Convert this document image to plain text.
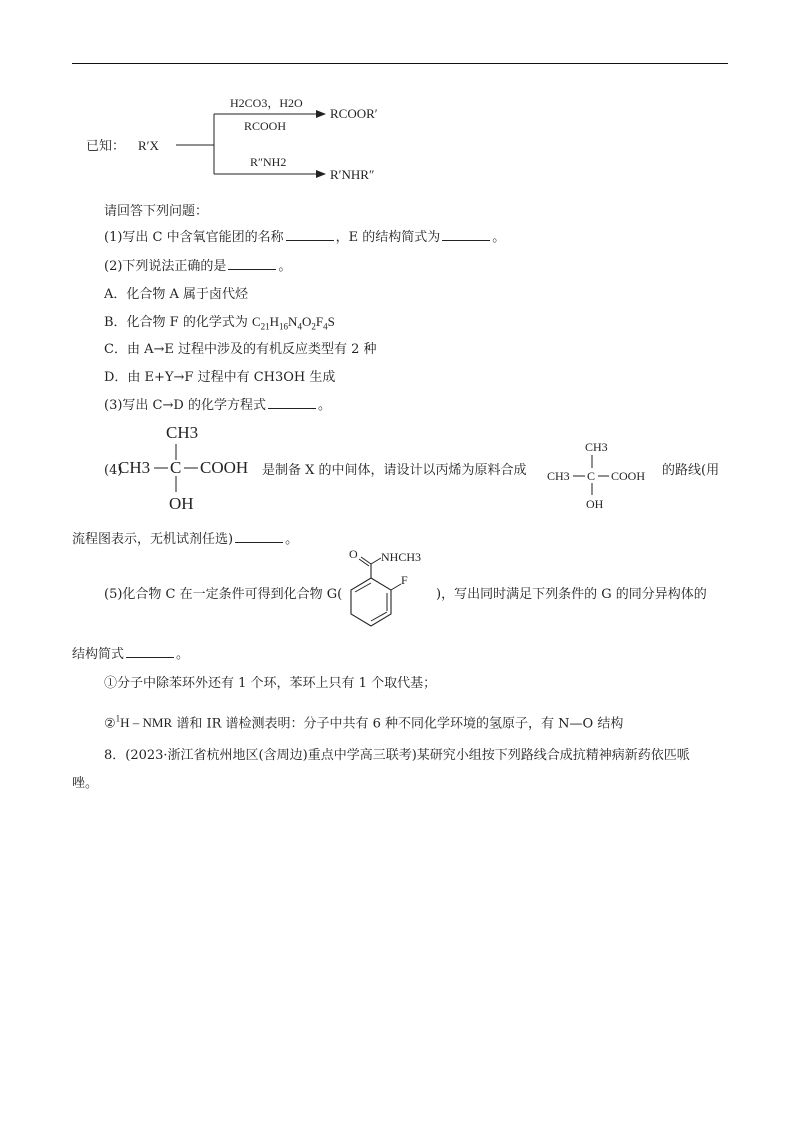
已知： R′X
H2CO3，H2O
RCOOH
RCOOR′
R″NH2
R′NHR″
请回答下列问题：
(1)写出 C 中含氧官能团的名称	，E 的结构简式为	。
(2)下列说法正确的是	。
A．化合物 A 属于卤代烃
B．化合物 F 的化学式为 $C_{21}H_{16}N_4O_2F_4S$
C．由 A→E 过程中涉及的有机反应类型有 2 种
D．由 E+Y→F 过程中有 CH3OH 生成
(3)写出 C→D 的化学方程式	。
(4)
CH3
CH3 C COOH
OH
是制备 X 的中间体，请设计以丙烯为原料合成
CH3
CH3 C COOH
OH
的路线(用
流程图表示，无机试剂任选)	。
(5)化合物 C 在一定条件可得到化合物 G(
O NHCH3
F
)，写出同时满足下列条件的 G 的同分异构体的
结构简式	。
①分子中除苯环外还有 1 个环，苯环上只有 1 个取代基；
②$^1$H – NMR 谱和 IR 谱检测表明：分子中共有 6 种不同化学环境的氢原子，有 N—O 结构
8．(2023·浙江省杭州地区(含周边)重点中学高三联考)某研究小组按下列路线合成抗精神病新药依匹哌
唑。
